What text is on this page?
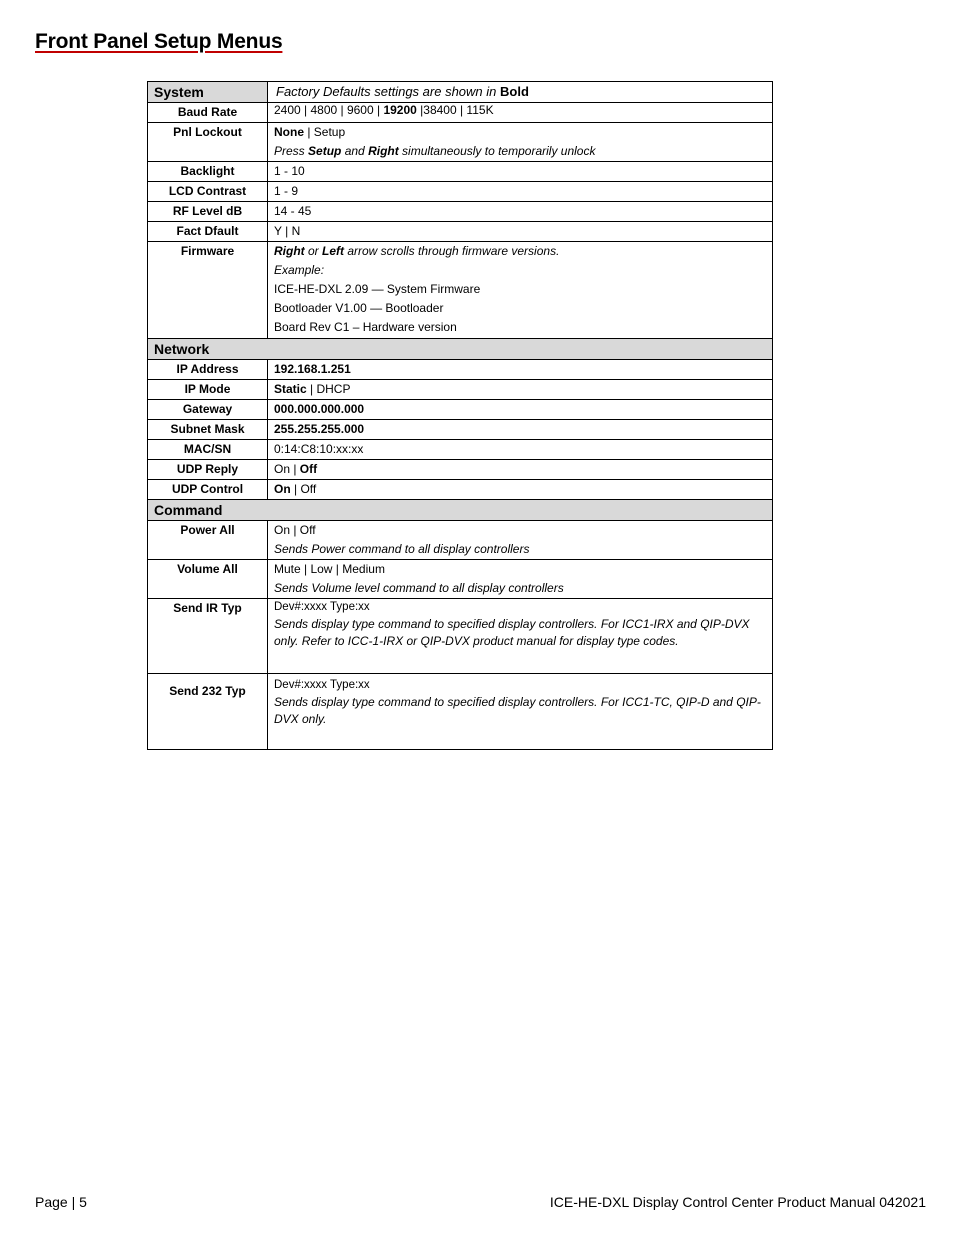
Front Panel Setup Menus
System	Factory Defaults settings are shown in Bold
Baud Rate	2400 | 4800 | 9600 | 19200 |38400 | 115K
Pnl Lockout	None | Setup
Press Setup and Right simultaneously to temporarily unlock

Backlight	1 - 10
LCD Contrast	1 - 9
RF Level dB	14 - 45
Fact Dfault	Y | N
Firmware	Right or Left arrow scrolls through firmware versions.
Example:
ICE-HE-DXL 2.09 — System Firmware
Bootloader V1.00 — Bootloader
Board Rev C1 – Hardware version

Network	
IP Address	192.168.1.251
IP Mode	Static | DHCP
Gateway	000.000.000.000
Subnet Mask	255.255.255.000
MAC/SN	0:14:C8:10:xx:xx
UDP Reply	On | Off
UDP Control	On | Off
Command	
Power All	On | Off
Sends Power command to all display controllers

Volume All	Mute | Low | Medium
Sends Volume level command to all display controllers

Send IR Typ	Dev#:xxxx Type:xx
Sends display type command to specified display controllers. For ICC1-IRX and QIP-DVX only. Refer to ICC-1-IRX or QIP-DVX product manual for display type codes.

Send 232 Typ	Dev#:xxxx Type:xx
Sends display type command to specified display controllers. For ICC1-TC, QIP-D and QIP-DVX only.
Page | 5	ICE-HE-DXL Display Control Center Product Manual 042021
